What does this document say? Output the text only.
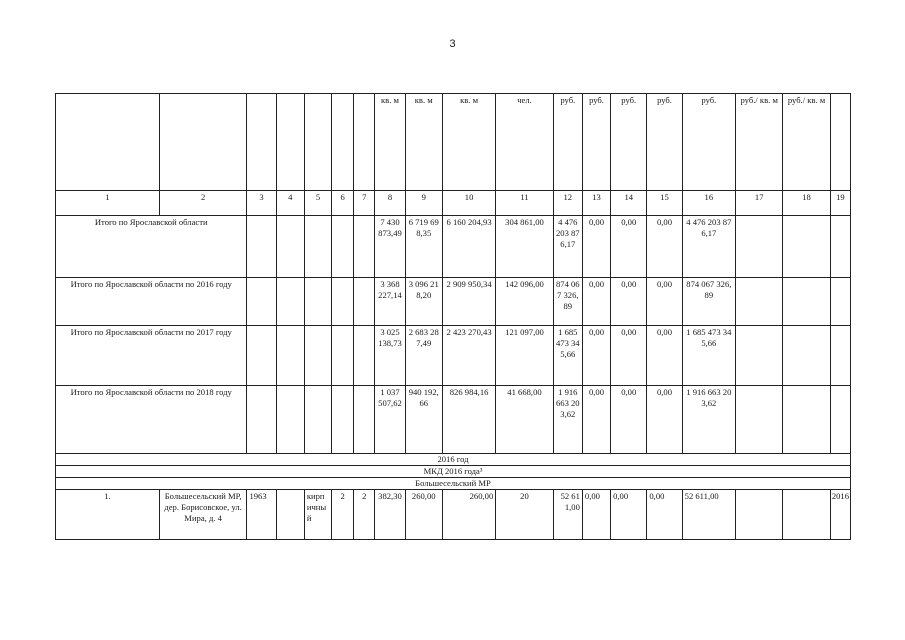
3
							кв. м	кв. м	кв. м	чел.	руб.	руб.	руб.	руб.	руб.	руб./ кв. м	руб./ кв. м	
1	2	3	4	5	6	7	8	9	10	11	12	13	14	15	16	17	18	19
Итого по Ярославской области							7 430 873,49	6 719 698,35	6 160 204,93	304 861,00	4 476 203 876,17	0,00	0,00	0,00	4 476 203 876,17			
Итого по Ярославской области по 2016 году							3 368 227,14	3 096 218,20	2 909 950,34	142 096,00	874 067 326,89	0,00	0,00	0,00	874 067 326,89			
Итого по Ярославской области по 2017 году							3 025 138,73	2 683 287,49	2 423 270,43	121 097,00	1 685 473 345,66	0,00	0,00	0,00	1 685 473 345,66			
Итого по Ярославской области по 2018 году							1 037 507,62	940 192,66	826 984,16	41 668,00	1 916 663 203,62	0,00	0,00	0,00	1 916 663 203,62			
2016 год																		
МКД 2016 года³																		
Большесельский МР																		
1.	Большесельский МР, дер. Борисовское, ул. Мира, д. 4	1963		кирпичный	2	2	382,30	260,00	260,00	20	52 611,00	0,00	0,00	0,00	52 611,00			2016
